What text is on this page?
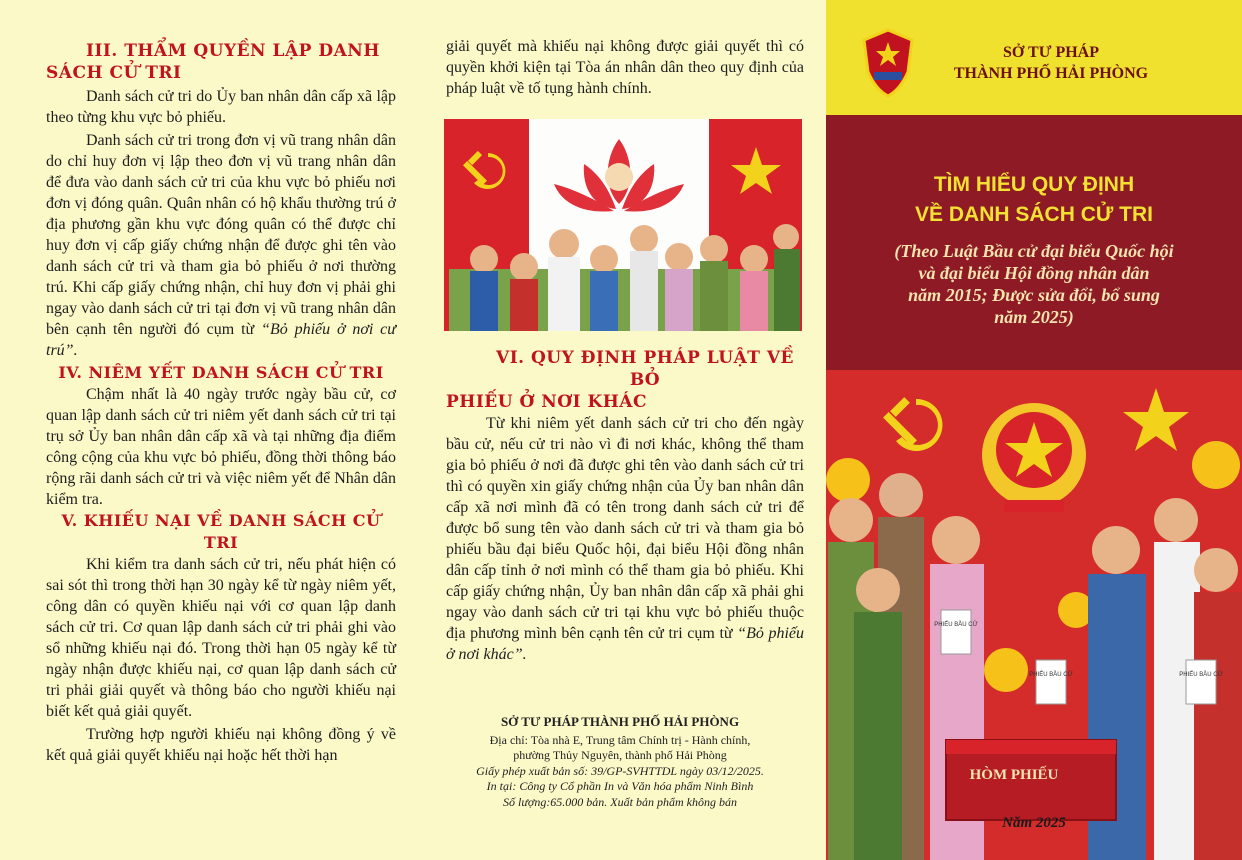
III. THẨM QUYỀN LẬP DANH
SÁCH CỬ TRI

Danh sách cử tri do Ủy ban nhân dân cấp xã lập theo từng khu vực bỏ phiếu.

Danh sách cử tri trong đơn vị vũ trang nhân dân do chỉ huy đơn vị lập theo đơn vị vũ trang nhân dân để đưa vào danh sách cử tri của khu vực bỏ phiếu nơi đơn vị đóng quân. Quân nhân có hộ khẩu thường trú ở địa phương gần khu vực đóng quân có thể được chỉ huy đơn vị cấp giấy chứng nhận để được ghi tên vào danh sách cử tri và tham gia bỏ phiếu ở nơi thường trú. Khi cấp giấy chứng nhận, chỉ huy đơn vị phải ghi ngay vào danh sách cử tri tại đơn vị vũ trang nhân dân bên cạnh tên người đó cụm từ “Bỏ phiếu ở nơi cư trú”.

IV. NIÊM YẾT DANH SÁCH CỬ TRI

Chậm nhất là 40 ngày trước ngày bầu cử, cơ quan lập danh sách cử tri niêm yết danh sách cử tri tại trụ sở Ủy ban nhân dân cấp xã và tại những địa điểm công cộng của khu vực bỏ phiếu, đồng thời thông báo rộng rãi danh sách cử tri và việc niêm yết để Nhân dân kiểm tra.

V. KHIẾU NẠI VỀ DANH SÁCH CỬ TRI

Khi kiểm tra danh sách cử tri, nếu phát hiện có sai sót thì trong thời hạn 30 ngày kể từ ngày niêm yết, công dân có quyền khiếu nại với cơ quan lập danh sách cử tri. Cơ quan lập danh sách cử tri phải ghi vào sổ những khiếu nại đó. Trong thời hạn 05 ngày kể từ ngày nhận được khiếu nại, cơ quan lập danh sách cử tri phải giải quyết và thông báo cho người khiếu nại biết kết quả giải quyết.

Trường hợp người khiếu nại không đồng ý về kết quả giải quyết khiếu nại hoặc hết thời hạn

giải quyết mà khiếu nại không được giải quyết thì có quyền khởi kiện tại Tòa án nhân dân theo quy định của pháp luật về tố tụng hành chính.

VI. QUY ĐỊNH PHÁP LUẬT VỀ BỎ
PHIẾU Ở NƠI KHÁC

Từ khi niêm yết danh sách cử tri cho đến ngày bầu cử, nếu cử tri nào vì đi nơi khác, không thể tham gia bỏ phiếu ở nơi đã được ghi tên vào danh sách cử tri thì có quyền xin giấy chứng nhận của Ủy ban nhân dân cấp xã nơi mình đã có tên trong danh sách cử tri để được bổ sung tên vào danh sách cử tri và tham gia bỏ phiếu bầu đại biểu Quốc hội, đại biểu Hội đồng nhân dân cấp tỉnh ở nơi mình có thể tham gia bỏ phiếu. Khi cấp giấy chứng nhận, Ủy ban nhân dân cấp xã phải ghi ngay vào danh sách cử tri tại khu vực bỏ phiếu thuộc địa phương mình bên cạnh tên cử tri cụm từ “Bỏ phiếu ở nơi khác”.

SỞ TƯ PHÁP THÀNH PHỐ HẢI PHÒNG
Địa chỉ: Tòa nhà E, Trung tâm Chính trị - Hành chính,
phường Thủy Nguyên, thành phố Hải Phòng
Giấy phép xuất bản số: 39/GP-SVHTTDL ngày 03/12/2025.
In tại: Công ty Cổ phần In và Văn hóa phẩm Ninh Bình
Số lượng:65.000 bản. Xuất bản phẩm không bán
SỞ TƯ PHÁP
THÀNH PHỐ HẢI PHÒNG
TÌM HIỂU QUY ĐỊNH
VỀ DANH SÁCH CỬ TRI
(Theo Luật Bầu cử đại biểu Quốc hội
và đại biểu Hội đồng nhân dân
năm 2015; Được sửa đổi, bổ sung
năm 2025)
PHIẾU BẦU CỬ
PHIẾU BẦU CỬ	PHIẾU BẦU CỬ
HÒM PHIẾU
Năm 2025
